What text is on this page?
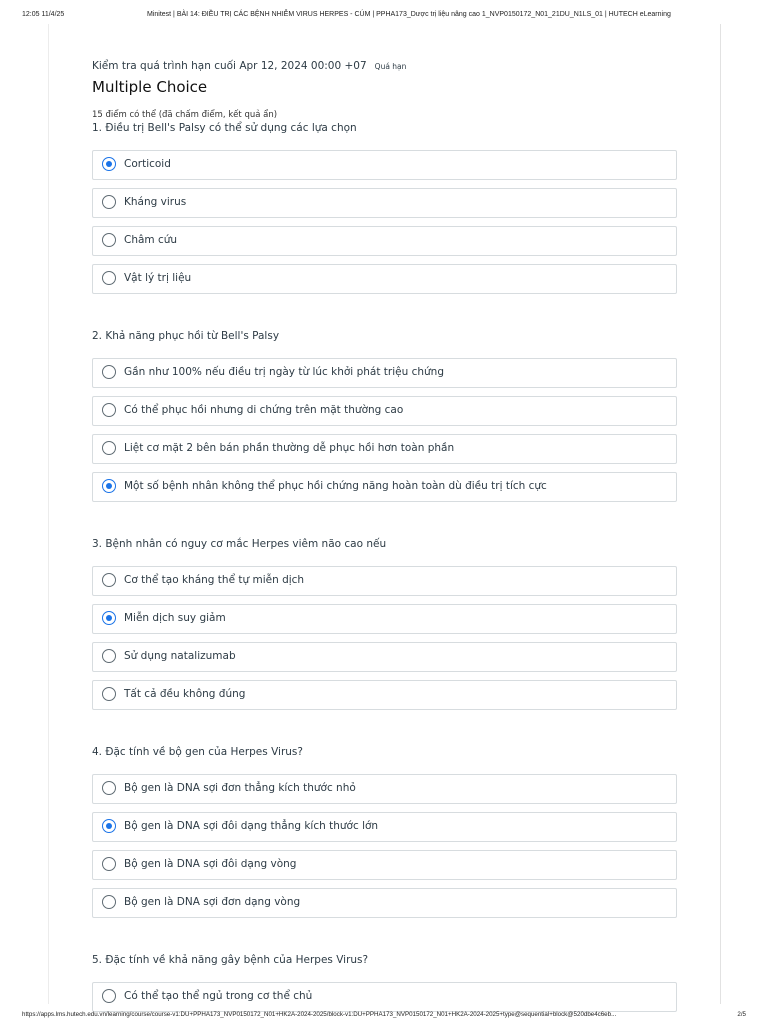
12:05 11/4/25	Minitest | BÀI 14: ĐIỀU TRỊ CÁC BỆNH NHIỄM VIRUS HERPES - CÚM | PPHA173_Dược trị liệu nâng cao 1_NVP0150172_N01_21DU_N1LS_01 | HUTECH eLearning
Kiểm tra quá trình hạn cuối Apr 12, 2024 00:00 +07 Quá hạn
Multiple Choice
15 điểm có thể (đã chấm điểm, kết quả ẩn)
1. Điều trị Bell's Palsy có thể sử dụng các lựa chọn
Corticoid
Kháng virus
Châm cứu
Vật lý trị liệu
2. Khả năng phục hồi từ Bell's Palsy
Gần như 100% nếu điều trị ngày từ lúc khởi phát triệu chứng
Có thể phục hồi nhưng di chứng trên mặt thường cao
Liệt cơ mặt 2 bên bán phần thường dễ phục hồi hơn toàn phần
Một số bệnh nhân không thể phục hồi chứng năng hoàn toàn dù điều trị tích cực
3. Bệnh nhân có nguy cơ mắc Herpes viêm não cao nếu
Cơ thể tạo kháng thể tự miễn dịch
Miễn dịch suy giảm
Sử dụng natalizumab
Tất cả đều không đúng
4. Đặc tính về bộ gen của Herpes Virus?
Bộ gen là DNA sợi đơn thẳng kích thước nhỏ
Bộ gen là DNA sợi đôi dạng thẳng kích thước lớn
Bộ gen là DNA sợi đôi dạng vòng
Bộ gen là DNA sợi đơn dạng vòng
5. Đặc tính về khả năng gây bệnh của Herpes Virus?
Có thể tạo thể ngủ trong cơ thể chủ
https://apps.lms.hutech.edu.vn/learning/course/course-v1:DU+PPHA173_NVP0150172_N01+HK2A-2024-2025/block-v1:DU+PPHA173_NVP0150172_N01+HK2A-2024-2025+type@sequential+block@520dbe4c6eb...	2/5
